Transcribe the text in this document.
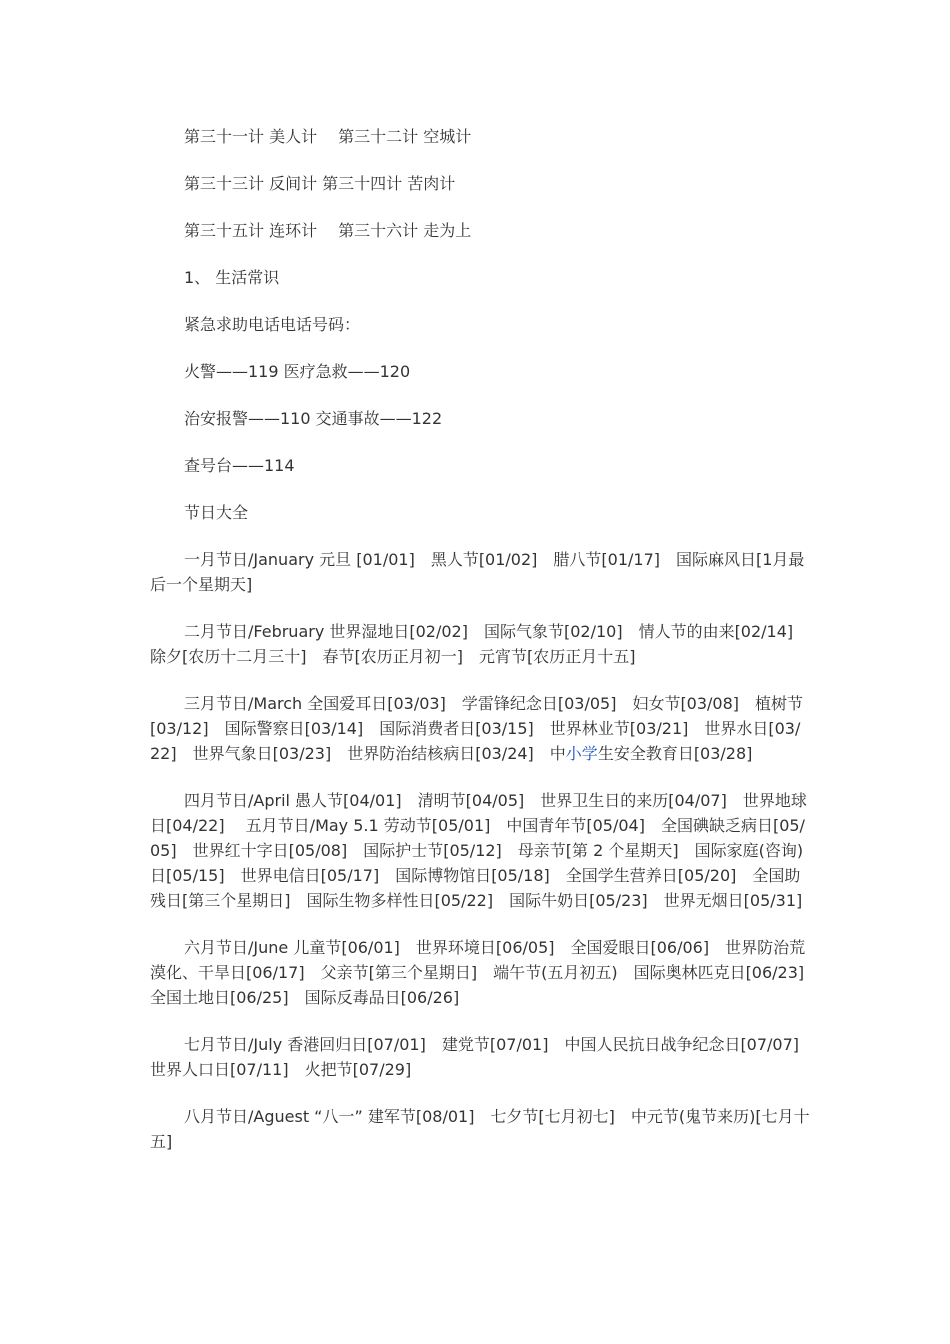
第三十一计 美人计　 第三十二计 空城计

第三十三计 反间计 第三十四计 苦肉计

第三十五计 连环计　 第三十六计 走为上

1、 生活常识

紧急求助电话电话号码：

火警——119 医疗急救——120

治安报警——110 交通事故——122

查号台——114

节日大全

一月节日/January 元旦 [01/01]　黑人节[01/02]　腊八节[01/17]　国际麻风日[1月最后一个星期天]

二月节日/February 世界湿地日[02/02]　国际气象节[02/10]　情人节的由来[02/14]　除夕[农历十二月三十]　春节[农历正月初一]　元宵节[农历正月十五]

三月节日/March 全国爱耳日[03/03]　学雷锋纪念日[03/05]　妇女节[03/08]　植树节[03/12]　国际警察日[03/14]　国际消费者日[03/15]　世界林业节[03/21]　世界水日[03/22]　世界气象日[03/23]　世界防治结核病日[03/24]　中小学生安全教育日[03/28]

四月节日/April 愚人节[04/01]　清明节[04/05]　世界卫生日的来历[04/07]　世界地球日[04/22]　 五月节日/May 5.1 劳动节[05/01]　中国青年节[05/04]　全国碘缺乏病日[05/05]　世界红十字日[05/08]　国际护士节[05/12]　母亲节[第 2 个星期天]　国际家庭(咨询)日[05/15]　世界电信日[05/17]　国际博物馆日[05/18]　全国学生营养日[05/20]　全国助残日[第三个星期日]　国际生物多样性日[05/22]　国际牛奶日[05/23]　世界无烟日[05/31]

六月节日/June 儿童节[06/01]　世界环境日[06/05]　全国爱眼日[06/06]　世界防治荒漠化、干旱日[06/17]　父亲节[第三个星期日]　端午节(五月初五)　国际奥林匹克日[06/23]　全国土地日[06/25]　国际反毒品日[06/26]

七月节日/July 香港回归日[07/01]　建党节[07/01]　中国人民抗日战争纪念日[07/07]　世界人口日[07/11]　火把节[07/29]

八月节日/Aguest “八一” 建军节[08/01]　七夕节[七月初七]　中元节(鬼节来历)[七月十五]
